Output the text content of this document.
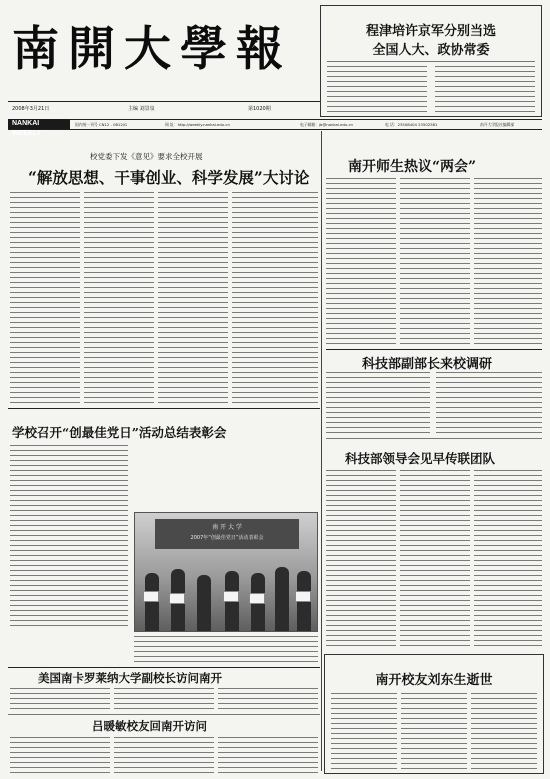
南開大學報
2008年3月21日	主编 刘景泉	第1020期
程津培许京军分别当选
全国人大、政协常委
NANKAI WEEKLY
国内统一刊号 CN12 - 0812/G	网 址：http://weekly.nankai.edu.cn	电子邮箱：jb@nankai.edu.cn	电 话：23508404 23502581	南开大学报社编辑部
校党委下发《意见》要求全校开展
“解放思想、干事创业、科学发展”大讨论
南开师生热议“两会”
科技部副部长来校调研
科技部领导会见早传联团队
南开校友刘东生逝世
学校召开“创最佳党日”活动总结表彰会
南 开 大 学
2007年“创最佳党日”活动表彰会
美国南卡罗莱纳大学副校长访问南开
吕暖敏校友回南开访问
